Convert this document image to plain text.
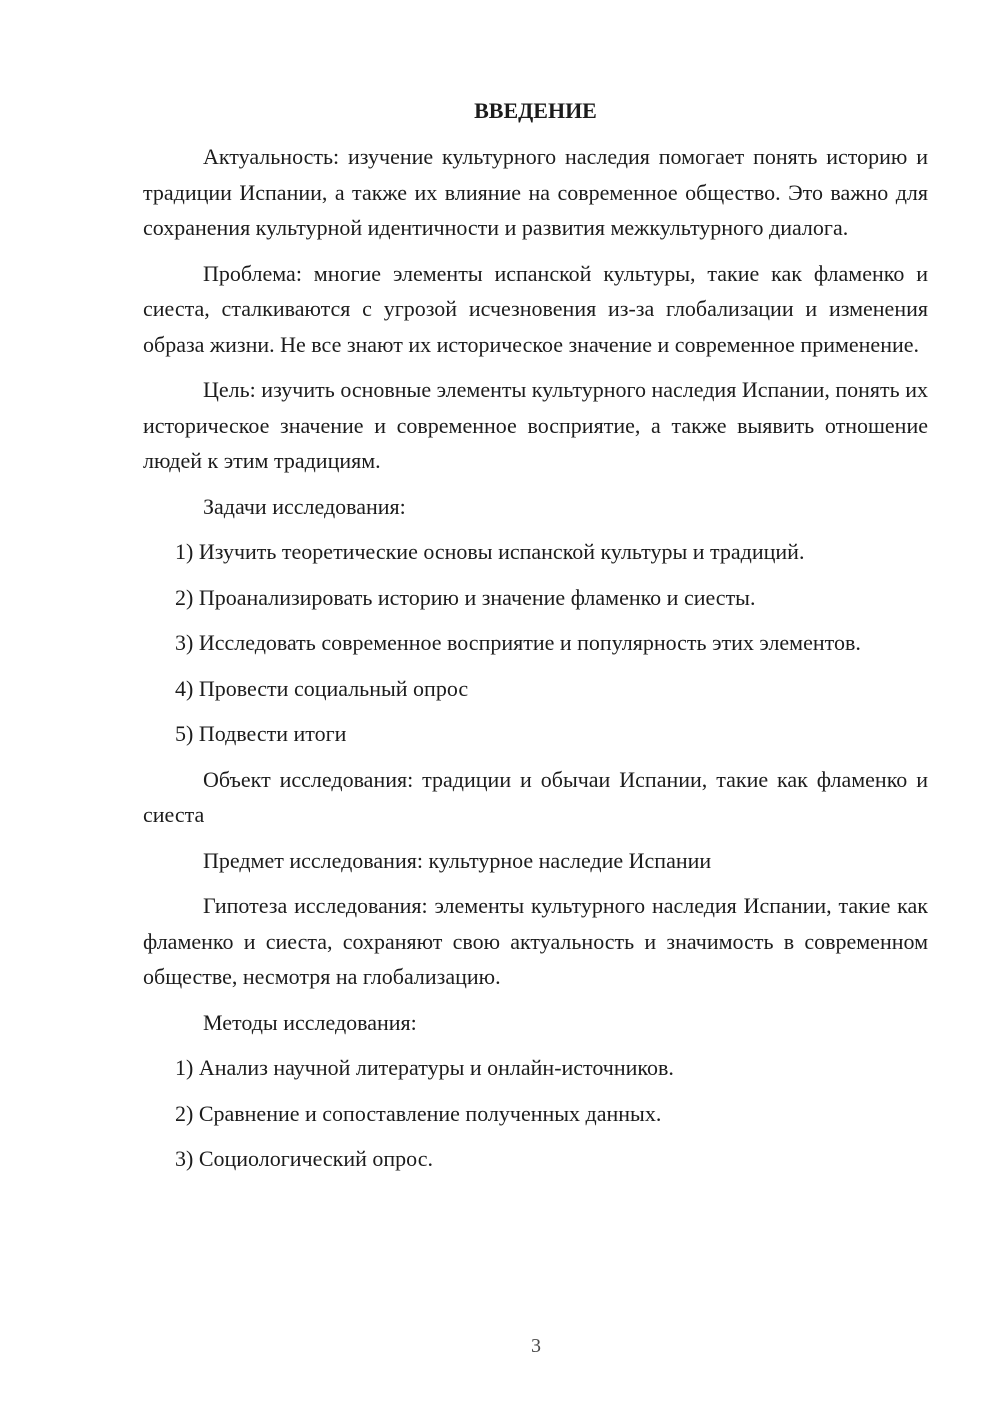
ВВЕДЕНИЕ

Актуальность: изучение культурного наследия помогает понять историю и традиции Испании, а также их влияние на современное общество. Это важно для сохранения культурной идентичности и развития межкультурного диалога.

Проблема: многие элементы испанской культуры, такие как фламенко и сиеста, сталкиваются с угрозой исчезновения из-за глобализации и изменения образа жизни. Не все знают их историческое значение и современное применение.

Цель: изучить основные элементы культурного наследия Испании, понять их историческое значение и современное восприятие, а также выявить отношение людей к этим традициям.

Задачи исследования:

1) Изучить теоретические основы испанской культуры и традиций.

2) Проанализировать историю и значение фламенко и сиесты.

3) Исследовать современное восприятие и популярность этих элементов.

4) Провести социальный опрос

5) Подвести итоги

Объект исследования: традиции и обычаи Испании, такие как фламенко и сиеста

Предмет исследования: культурное наследие Испании

Гипотеза исследования: элементы культурного наследия Испании, такие как фламенко и сиеста, сохраняют свою актуальность и значимость в современном обществе, несмотря на глобализацию.

Методы исследования:

1) Анализ научной литературы и онлайн-источников.

2) Сравнение и сопоставление полученных данных.

3) Социологический опрос.

3
